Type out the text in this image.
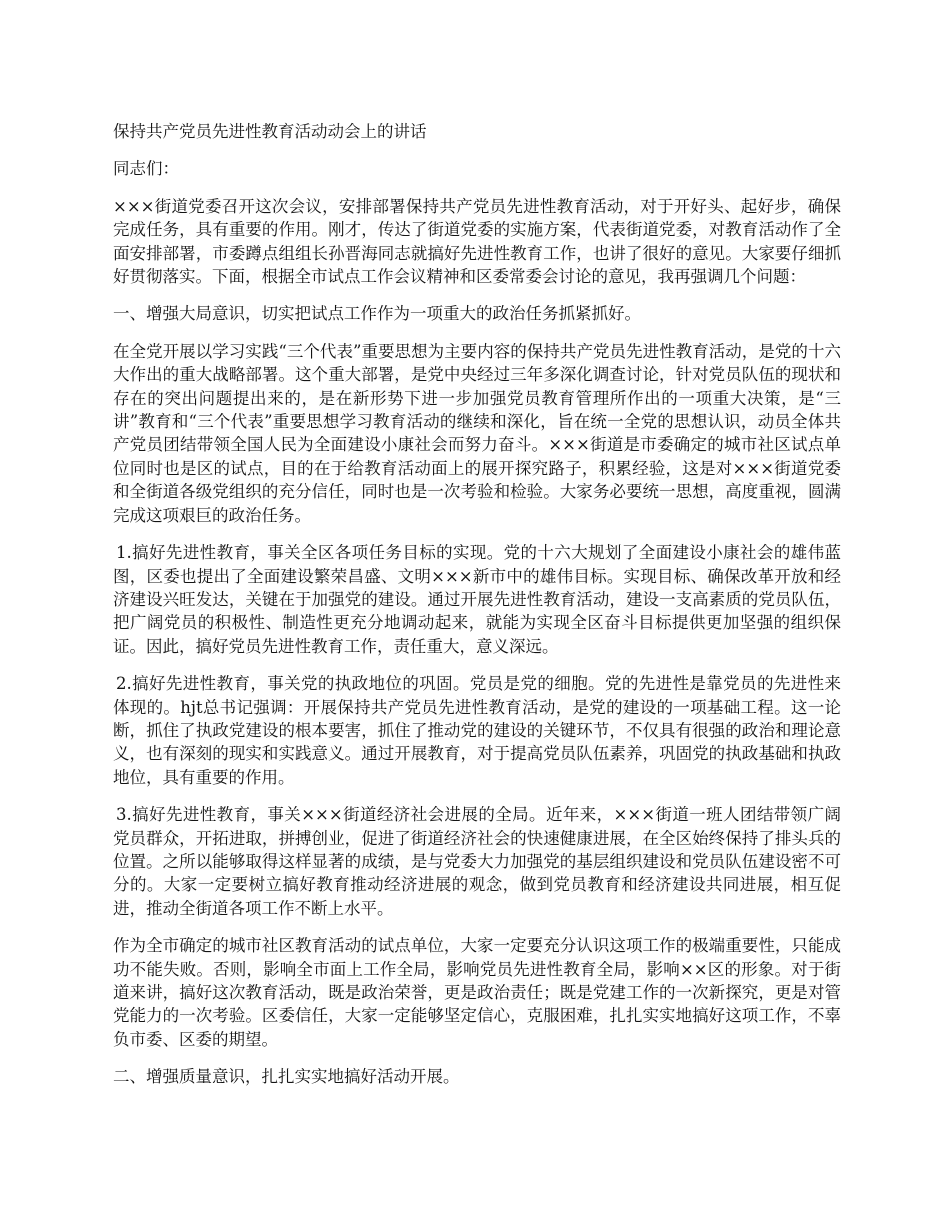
保持共产党员先进性教育活动动会上的讲话

同志们：

×××街道党委召开这次会议，安排部署保持共产党员先进性教育活动，对于开好头、起好步，确保完成任务，具有重要的作用。刚才，传达了街道党委的实施方案，代表街道党委，对教育活动作了全面安排部署，市委蹲点组组长孙晋海同志就搞好先进性教育工作，也讲了很好的意见。大家要仔细抓好贯彻落实。下面，根据全市试点工作会议精神和区委常委会讨论的意见，我再强调几个问题：

一、增强大局意识，切实把试点工作作为一项重大的政治任务抓紧抓好。

在全党开展以学习实践“三个代表”重要思想为主要内容的保持共产党员先进性教育活动，是党的十六大作出的重大战略部署。这个重大部署，是党中央经过三年多深化调查讨论，针对党员队伍的现状和存在的突出问题提出来的，是在新形势下进一步加强党员教育管理所作出的一项重大决策，是“三讲”教育和“三个代表”重要思想学习教育活动的继续和深化，旨在统一全党的思想认识，动员全体共产党员团结带领全国人民为全面建设小康社会而努力奋斗。×××街道是市委确定的城市社区试点单位同时也是区的试点，目的在于给教育活动面上的展开探究路子，积累经验，这是对×××街道党委和全街道各级党组织的充分信任，同时也是一次考验和检验。大家务必要统一思想，高度重视，圆满完成这项艰巨的政治任务。

1.搞好先进性教育，事关全区各项任务目标的实现。党的十六大规划了全面建设小康社会的雄伟蓝图，区委也提出了全面建设繁荣昌盛、文明×××新市中的雄伟目标。实现目标、确保改革开放和经济建设兴旺发达，关键在于加强党的建设。通过开展先进性教育活动，建设一支高素质的党员队伍，把广阔党员的积极性、制造性更充分地调动起来，就能为实现全区奋斗目标提供更加坚强的组织保证。因此，搞好党员先进性教育工作，责任重大，意义深远。

2.搞好先进性教育，事关党的执政地位的巩固。党员是党的细胞。党的先进性是靠党员的先进性来体现的。hjt总书记强调：开展保持共产党员先进性教育活动，是党的建设的一项基础工程。这一论断，抓住了执政党建设的根本要害，抓住了推动党的建设的关键环节，不仅具有很强的政治和理论意义，也有深刻的现实和实践意义。通过开展教育，对于提高党员队伍素养，巩固党的执政基础和执政地位，具有重要的作用。

3.搞好先进性教育，事关×××街道经济社会进展的全局。近年来，×××街道一班人团结带领广阔党员群众，开拓进取，拼搏创业，促进了街道经济社会的快速健康进展，在全区始终保持了排头兵的位置。之所以能够取得这样显著的成绩，是与党委大力加强党的基层组织建设和党员队伍建设密不可分的。大家一定要树立搞好教育推动经济进展的观念，做到党员教育和经济建设共同进展，相互促进，推动全街道各项工作不断上水平。

作为全市确定的城市社区教育活动的试点单位，大家一定要充分认识这项工作的极端重要性，只能成功不能失败。否则，影响全市面上工作全局，影响党员先进性教育全局，影响××区的形象。对于街道来讲，搞好这次教育活动，既是政治荣誉，更是政治责任；既是党建工作的一次新探究，更是对管党能力的一次考验。区委信任，大家一定能够坚定信心，克服困难，扎扎实实地搞好这项工作，不辜负市委、区委的期望。

二、增强质量意识，扎扎实实地搞好活动开展。
